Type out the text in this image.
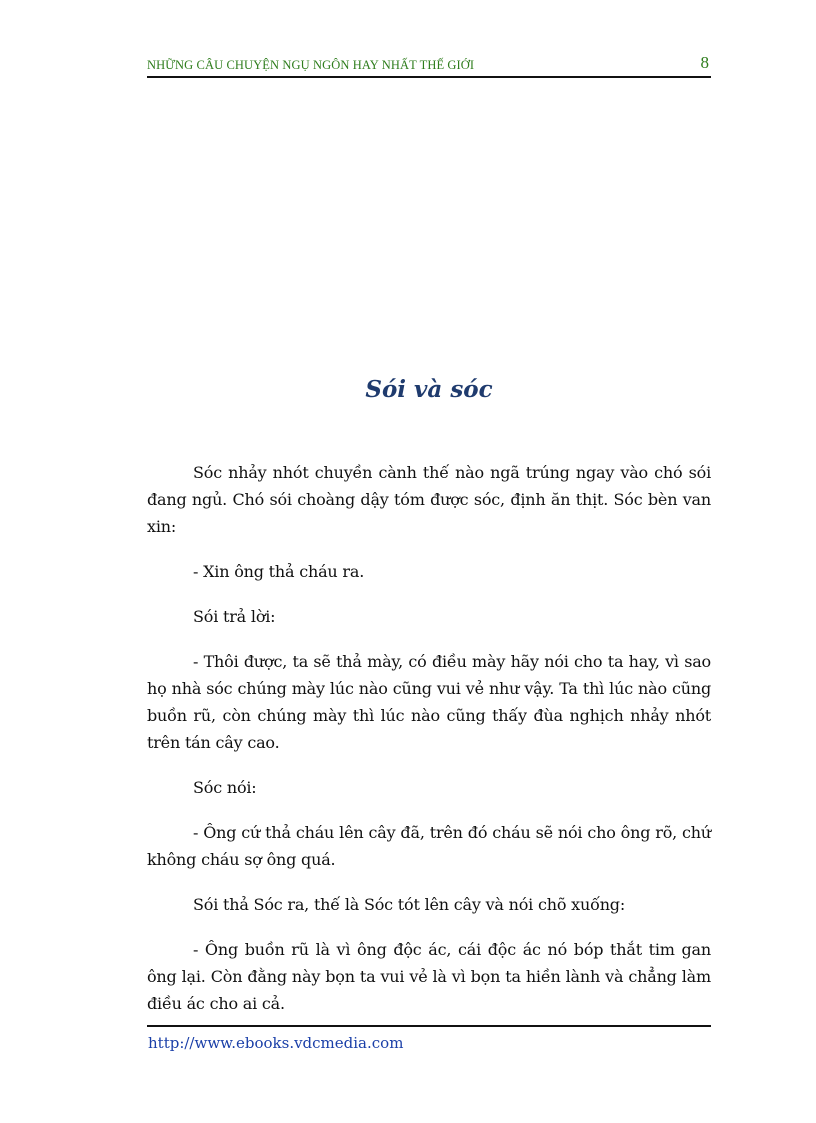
NHỮNG CÂU CHUYỆN NGỤ NGÔN HAY NHẤT THẾ GIỚI	8
Sói và sóc

Sóc nhảy nhót chuyền cành thế nào ngã trúng ngay vào chó sói đang ngủ. Chó sói choàng dậy tóm được sóc, định ăn thịt. Sóc bèn van xin:

- Xin ông thả cháu ra.

Sói trả lời:

- Thôi được, ta sẽ thả mày, có điều mày hãy nói cho ta hay, vì sao họ nhà sóc chúng mày lúc nào cũng vui vẻ như vậy. Ta thì lúc nào cũng buồn rũ, còn chúng mày thì lúc nào cũng thấy đùa nghịch nhảy nhót trên tán cây cao.

Sóc nói:

- Ông cứ thả cháu lên cây đã, trên đó cháu sẽ nói cho ông rõ, chứ không cháu sợ ông quá.

Sói thả Sóc ra, thế là Sóc tót lên cây và nói chõ xuống:

- Ông buồn rũ là vì ông độc ác, cái độc ác nó bóp thắt tim gan ông lại. Còn đằng này bọn ta vui vẻ là vì bọn ta hiền lành và chẳng làm điều ác cho ai cả.

http://www.ebooks.vdcmedia.com
